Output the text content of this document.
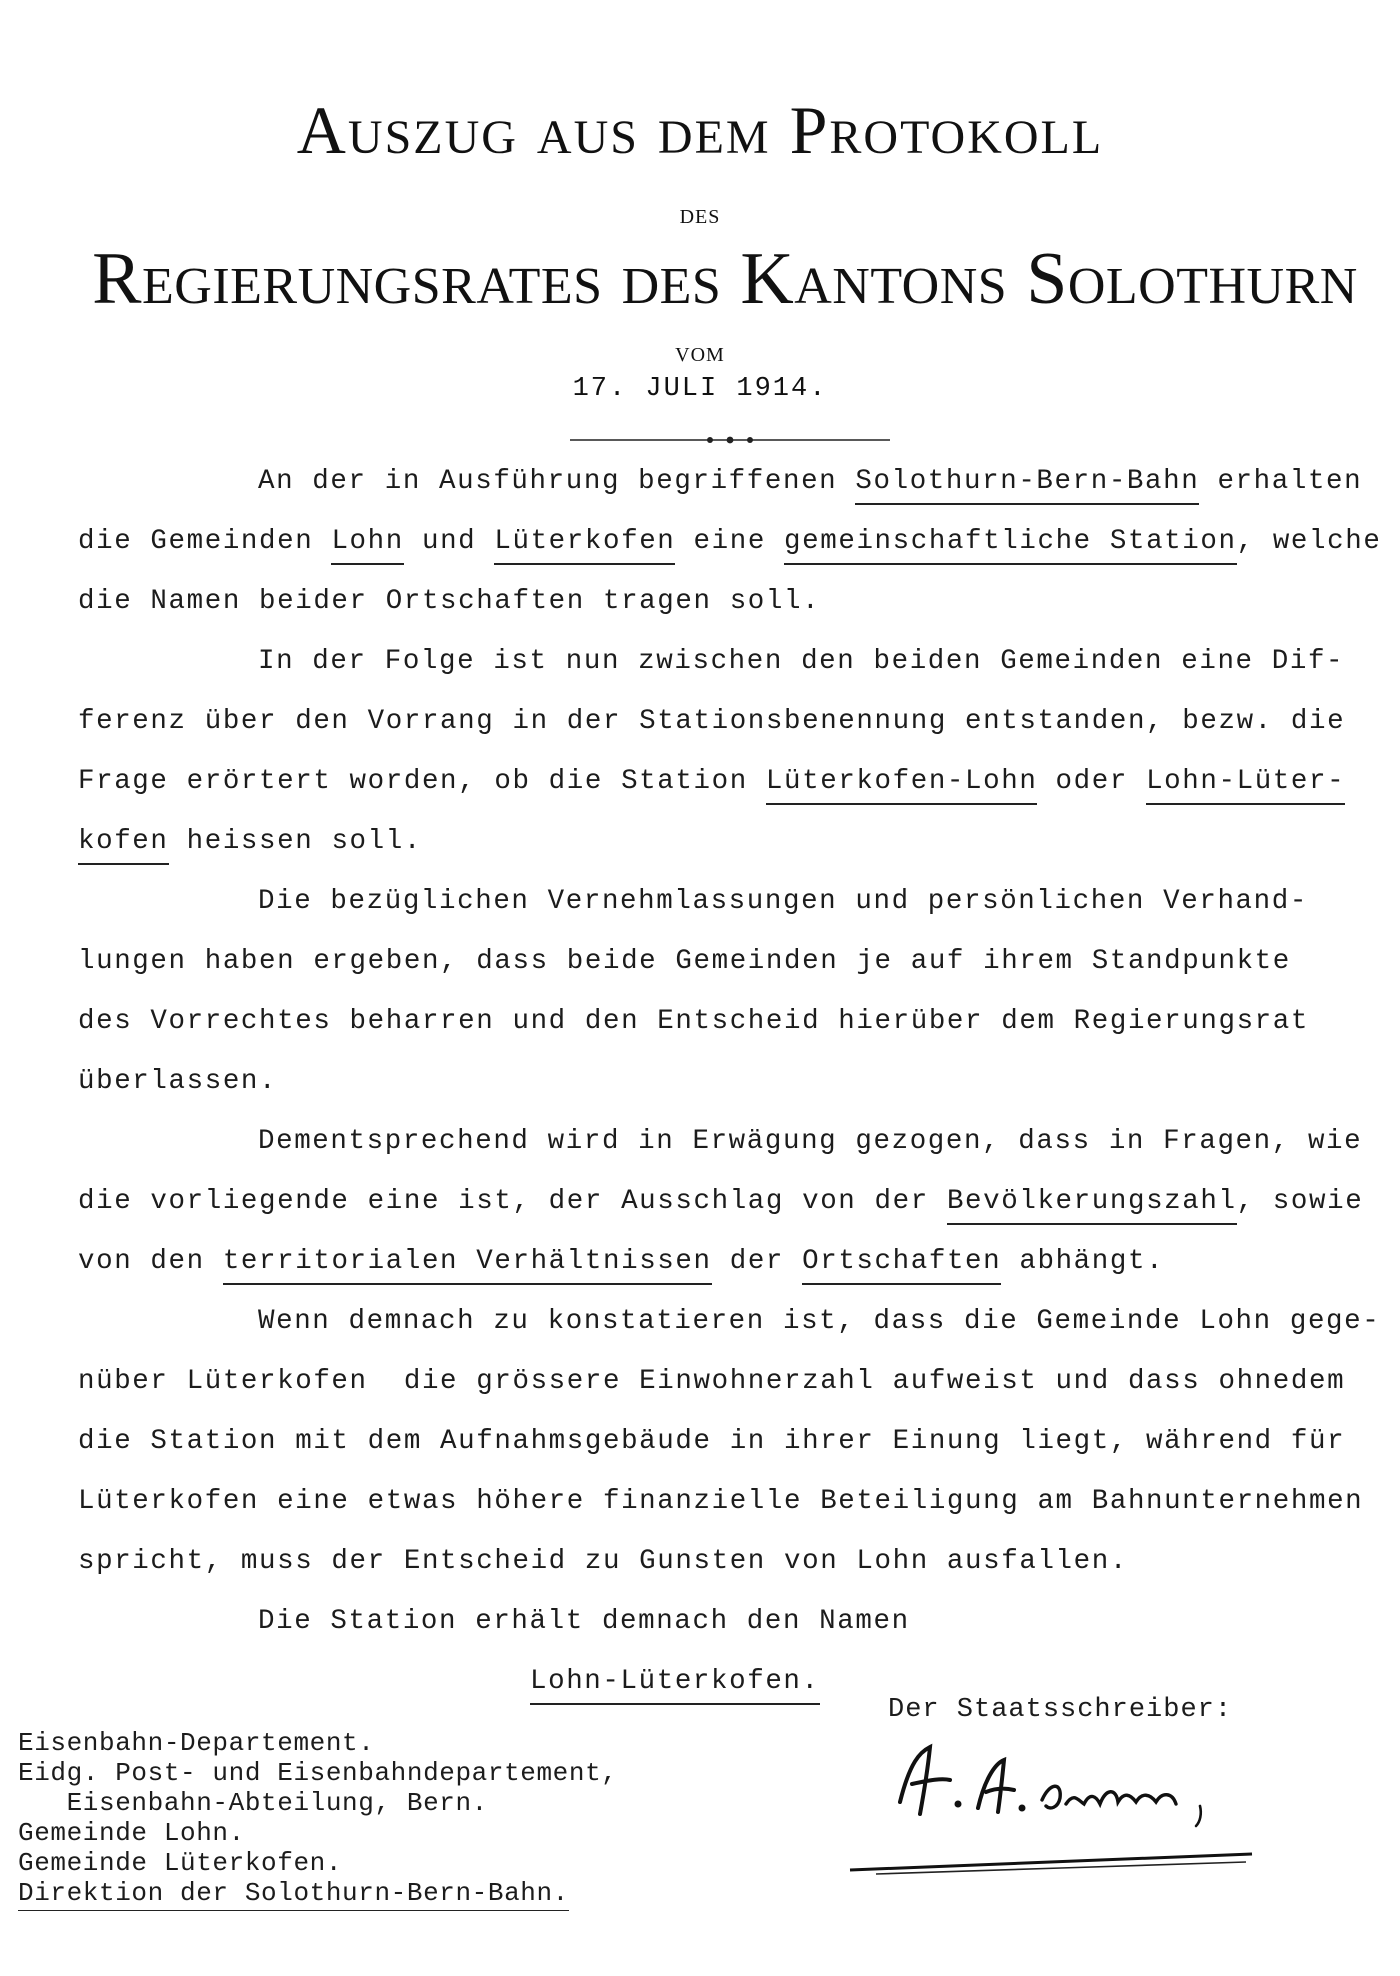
Auszug aus dem Protokoll
DES
Regierungsrates des Kantons Solothurn
VOM
17. JULI 1914.
An der in Ausführung begriffenen Solothurn-Bern-Bahn erhalten
die Gemeinden Lohn und Lüterkofen eine gemeinschaftliche Station, welche
die Namen beider Ortschaften tragen soll.
In der Folge ist nun zwischen den beiden Gemeinden eine Dif-
ferenz über den Vorrang in der Stationsbenennung entstanden, bezw. die
Frage erörtert worden, ob die Station Lüterkofen-Lohn oder Lohn-Lüter-
kofen heissen soll.
Die bezüglichen Vernehmlassungen und persönlichen Verhand-
lungen haben ergeben, dass beide Gemeinden je auf ihrem Standpunkte
des Vorrechtes beharren und den Entscheid hierüber dem Regierungsrat
überlassen.
Dementsprechend wird in Erwägung gezogen, dass in Fragen, wie
die vorliegende eine ist, der Ausschlag von der Bevölkerungszahl, sowie
von den territorialen Verhältnissen der Ortschaften abhängt.
Wenn demnach zu konstatieren ist, dass die Gemeinde Lohn gege-
nüber Lüterkofen  die grössere Einwohnerzahl aufweist und dass ohnedem
die Station mit dem Aufnahmsgebäude in ihrer Einung liegt, während für
Lüterkofen eine etwas höhere finanzielle Beteiligung am Bahnunternehmen
spricht, muss der Entscheid zu Gunsten von Lohn ausfallen.
Die Station erhält demnach den Namen
Lohn-Lüterkofen.
Eisenbahn-Departement.
Eidg. Post- und Eisenbahndepartement,
Eisenbahn-Abteilung, Bern.
Gemeinde Lohn.
Gemeinde Lüterkofen.
Direktion der Solothurn-Bern-Bahn.
Der Staatsschreiber:
